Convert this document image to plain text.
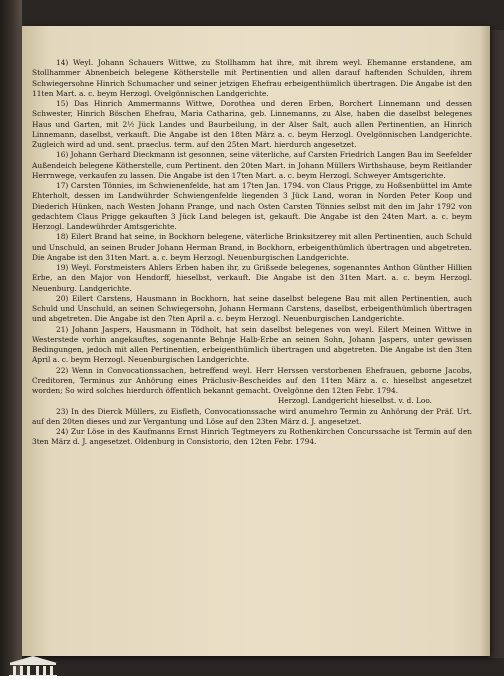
14) Weyl. Johann Schauers Wittwe, zu Stollhamm hat ihre, mit ihrem weyl. Ehemanne erstandene, am Stollhammer Abnenbeich belegene Kötherstelle mit Pertinentien und allen darauf haftenden Schulden, ihrem Schwiegersohne Hinrich Schumacher und seiner jetzigen Ehefrau erbeigenthümlich übertragen. Die Angabe ist den 11ten Mart. a. c. beym Herzogl. Ovelgönnischen Landgerichte.

15) Das Hinrich Ammermanns Wittwe, Dorothea und deren Erben, Borchert Linnemann und dessen Schwester, Hinrich Böschen Ehefrau, Maria Catharina, geb. Linnemanns, zu Alse, haben die daselbst belegenes Haus und Garten, mit 2½ Jück Landes und Baurbeilung, in der Alser Salt, auch allen Pertinentien, an Hinrich Linnemann, daselbst, verkauft. Die Angabe ist den 18ten März a. c. beym Herzogl. Ovelgönnischen Landgerichte. Zugleich wird ad und. sent. praeclus. term. auf den 25ten Mart. hierdurch angesetzet.

16) Johann Gerhard Dieckmann ist gesonnen, seine väterliche, auf Carsten Friedrich Langen Bau im Seefelder Außendeich belegene Kötherstelle, cum Pertinent. den 20ten Mart. in Johann Müllers Wirthshause, beym Reitlander Herrnwege, verkaufen zu lassen. Die Angabe ist den 17ten Mart. a. c. beym Herzogl. Schweyer Amtsgerichte.

17) Carsten Tönnies, im Schwienenfelde, hat am 17ten Jan. 1794. von Claus Prigge, zu Hoßsenbüttel im Amte Ehterholt, dessen im Landwührder Schwiengenfelde liegenden 3 Jück Land, woran in Norden Peter Koop und Diederich Hünken, nach Westen Johann Prange, und nach Osten Carsten Tönnies selbst mit den im Jahr 1792 von gedachtem Claus Prigge gekauften 3 Jück Land belegen ist, gekauft. Die Angabe ist den 24ten Mart. a. c. beym Herzogl. Landewührder Amtsgerichte.

18) Eilert Brand hat seine, in Bockhorn belegene, väterliche Brinksitzerey mit allen Pertinentien, auch Schuld und Unschuld, an seinen Bruder Johann Herman Brand, in Bockhorn, erbeigenthümlich übertragen und abgetreten. Die Angabe ist den 31ten Mart. a. c. beym Herzogl. Neuenburgischen Landgerichte.

19) Weyl. Forstmeisters Ahlers Erben haben ihr, zu Grißsede belegenes, sogenanntes Anthon Günther Hillien Erbe, an den Major von Hendorff, hieselbst, verkauft. Die Angabe ist den 31ten Mart. a. c. beym Herzogl. Neuenburg. Landgerichte.

20) Eilert Carstens, Hausmann in Bockhorn, hat seine daselbst belegene Bau mit allen Pertinentien, auch Schuld und Unschuld, an seinen Schwiegersohn, Johann Hermann Carstens, daselbst, erbeigenthümlich übertragen und abgetreten. Die Angabe ist den 7ten April a. c. beym Herzogl. Neuenburgischen Landgerichte.

21) Johann Jaspers, Hausmann in Tödholt, hat sein daselbst belegenes von weyl. Eilert Meinen Wittwe in Westerstede vorhin angekauftes, sogenannte Behnje Halb-Erbe an seinen Sohn, Johann Jaspers, unter gewissen Bedingungen, jedoch mit allen Pertinentien, erbeigenthümlich übertragen und abgetreten. Die Angabe ist den 3ten April a. c. beym Herzogl. Neuenburgischen Landgerichte.

22) Wenn in Convocationssachen, betreffend weyl. Herr Herssen verstorbenen Ehefrauen, geborne Jacobs, Creditoren, Terminus zur Anhörung eines Präclusiv-Bescheides auf den 11ten März a. c. hieselbst angesetzet worden; So wird solches hierdurch öffentlich bekannt gemacht. Ovelgönne den 12ten Febr. 1794.

Herzogl. Landgericht hieselbst. v. d. Loo.

23) In des Dierck Müllers, zu Eisfleth, Convocationssache wird anumehro Termin zu Anhörung der Präf. Urt. auf den 20ten dieses und zur Vergantung und Löse auf den 23ten März d. J. angesetzet.

24) Zur Löse in des Kaufmanns Ernst Hinrich Tegtmeyers zu Rothenkirchen Concurssache ist Termin auf den 3ten März d. J. angesetzet. Oldenburg in Consistorio, den 12ten Febr. 1794.
